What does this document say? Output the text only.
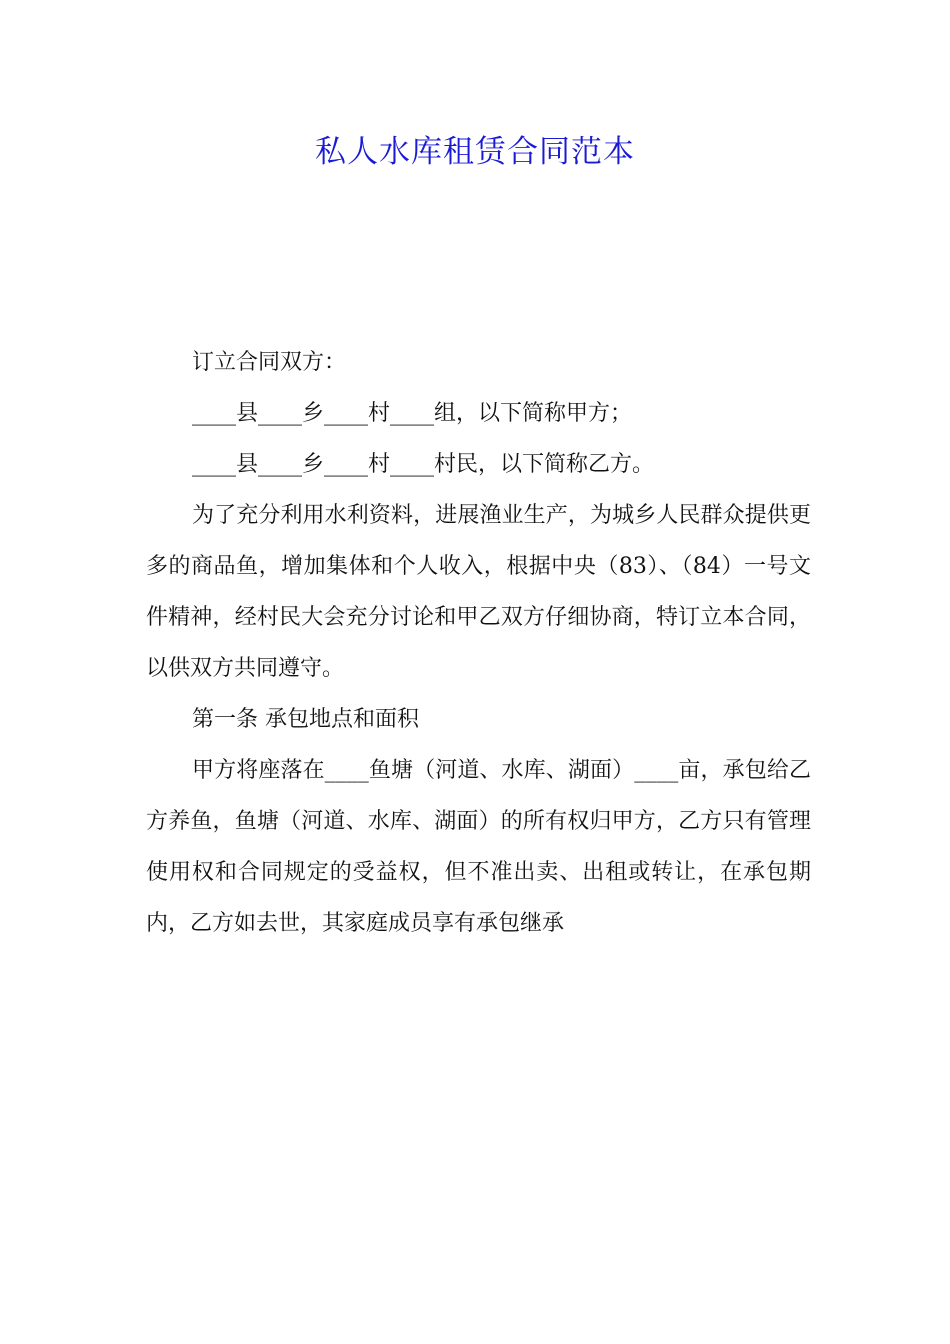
私人水库租赁合同范本

订立合同双方：

____县____乡____村____组，以下简称甲方；

____县____乡____村____村民，以下简称乙方。

为了充分利用水利资料，进展渔业生产，为城乡人民群众提供更多的商品鱼，增加集体和个人收入，根据中央（83）、（84）一号文件精神，经村民大会充分讨论和甲乙双方仔细协商，特订立本合同，以供双方共同遵守。

第一条 承包地点和面积

甲方将座落在____鱼塘（河道、水库、湖面）____亩，承包给乙方养鱼，鱼塘（河道、水库、湖面）的所有权归甲方，乙方只有管理使用权和合同规定的受益权，但不准出卖、出租或转让，在承包期内，乙方如去世，其家庭成员享有承包继承
